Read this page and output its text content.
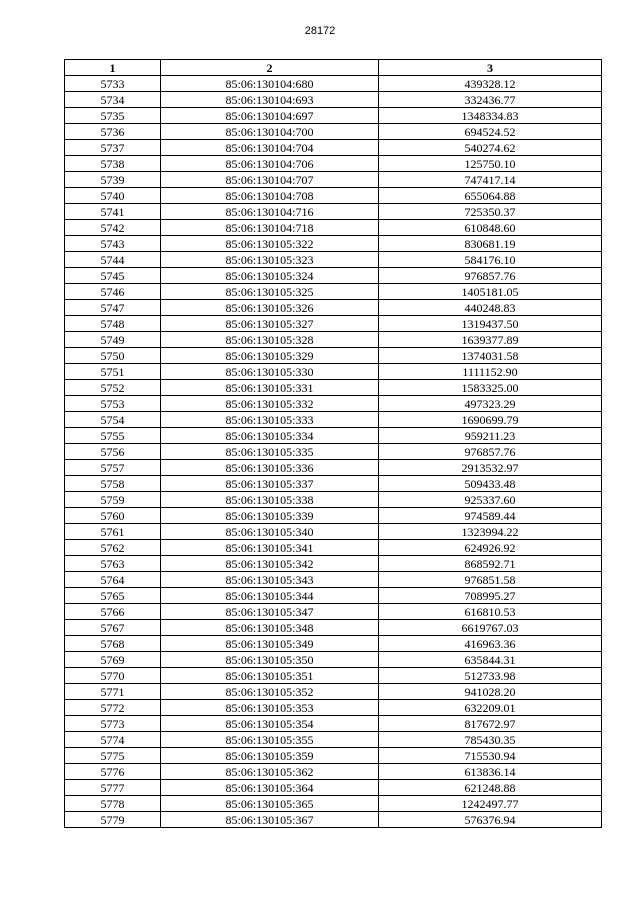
28172
1	2	3
5733	85:06:130104:680	439328.12
5734	85:06:130104:693	332436.77
5735	85:06:130104:697	1348334.83
5736	85:06:130104:700	694524.52
5737	85:06:130104:704	540274.62
5738	85:06:130104:706	125750.10
5739	85:06:130104:707	747417.14
5740	85:06:130104:708	655064.88
5741	85:06:130104:716	725350.37
5742	85:06:130104:718	610848.60
5743	85:06:130105:322	830681.19
5744	85:06:130105:323	584176.10
5745	85:06:130105:324	976857.76
5746	85:06:130105:325	1405181.05
5747	85:06:130105:326	440248.83
5748	85:06:130105:327	1319437.50
5749	85:06:130105:328	1639377.89
5750	85:06:130105:329	1374031.58
5751	85:06:130105:330	1111152.90
5752	85:06:130105:331	1583325.00
5753	85:06:130105:332	497323.29
5754	85:06:130105:333	1690699.79
5755	85:06:130105:334	959211.23
5756	85:06:130105:335	976857.76
5757	85:06:130105:336	2913532.97
5758	85:06:130105:337	509433.48
5759	85:06:130105:338	925337.60
5760	85:06:130105:339	974589.44
5761	85:06:130105:340	1323994.22
5762	85:06:130105:341	624926.92
5763	85:06:130105:342	868592.71
5764	85:06:130105:343	976851.58
5765	85:06:130105:344	708995.27
5766	85:06:130105:347	616810.53
5767	85:06:130105:348	6619767.03
5768	85:06:130105:349	416963.36
5769	85:06:130105:350	635844.31
5770	85:06:130105:351	512733.98
5771	85:06:130105:352	941028.20
5772	85:06:130105:353	632209.01
5773	85:06:130105:354	817672.97
5774	85:06:130105:355	785430.35
5775	85:06:130105:359	715530.94
5776	85:06:130105:362	613836.14
5777	85:06:130105:364	621248.88
5778	85:06:130105:365	1242497.77
5779	85:06:130105:367	576376.94
